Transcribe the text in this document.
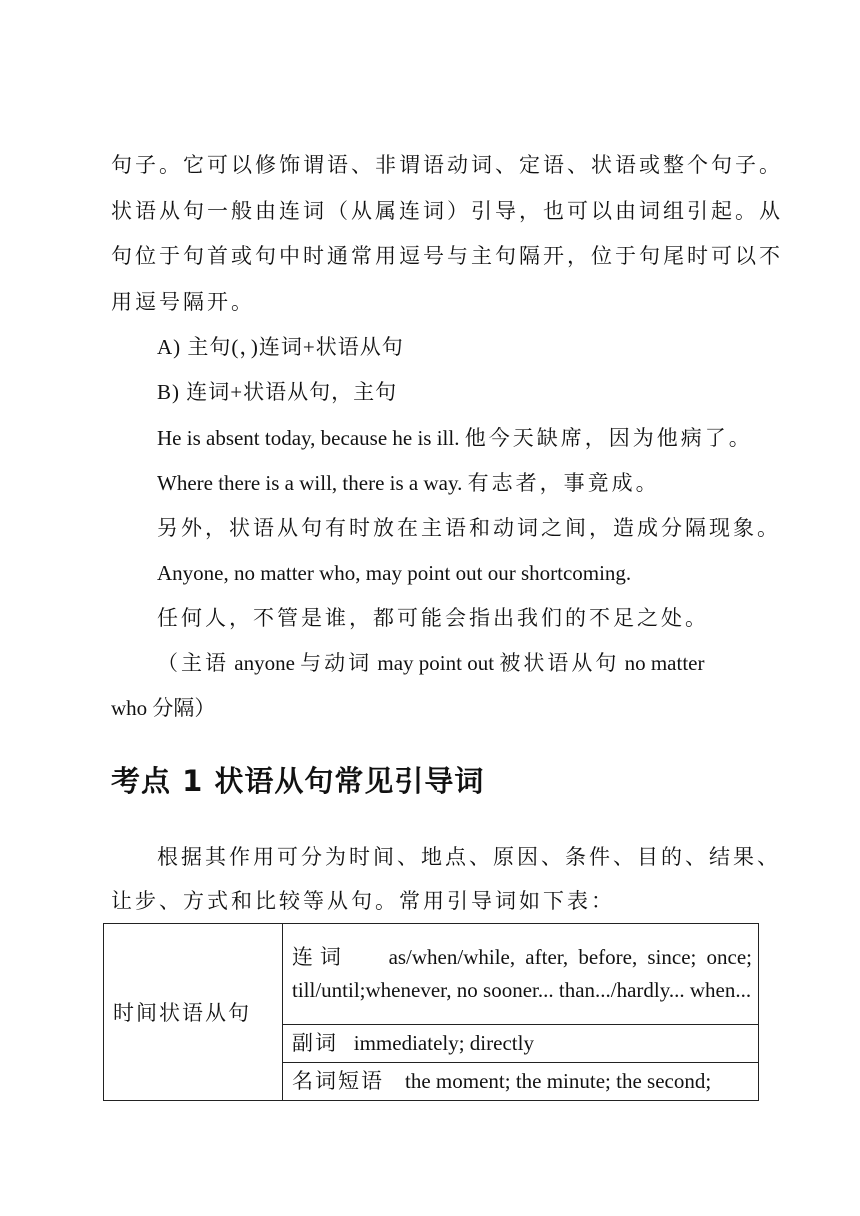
句子。它可以修饰谓语、非谓语动词、定语、状语或整个句子。
状语从句一般由连词（从属连词）引导，也可以由词组引起。从
句位于句首或句中时通常用逗号与主句隔开，位于句尾时可以不
用逗号隔开。
A) 主句(，)连词+状语从句
B) 连词+状语从句，主句
He is absent today, because he is ill. 他今天缺席，因为他病了。
Where there is a will, there is a way. 有志者，事竟成。
另外，状语从句有时放在主语和动词之间，造成分隔现象。
Anyone, no matter who, may point out our shortcoming.
任何人，不管是谁，都可能会指出我们的不足之处。
（主语 anyone 与动词 may point out 被状语从句 no matter
who 分隔）
考点 1 状语从句常见引导词
根据其作用可分为时间、地点、原因、条件、目的、结果、
让步、方式和比较等从句。常用引导词如下表：
时间状语从句	连词 as/when/while, after, before, since; once; till/until;whenever, no sooner... than.../hardly... when...
副词 immediately; directly
名词短语 the moment; the minute; the second;
